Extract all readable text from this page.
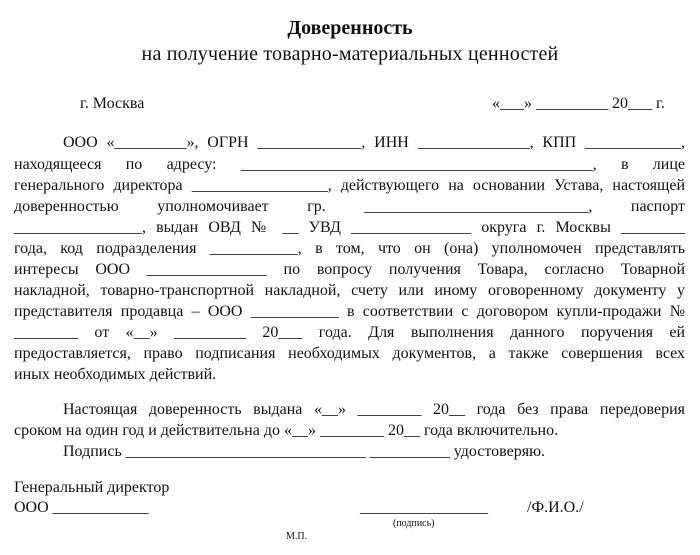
Доверенность
на получение товарно-материальных ценностей
г. Москва	«___» _________ 20___ г.
ООО «_________», ОГРН _____________, ИНН ______________, КПП ____________,
находящееся по адресу: ____________________________________________, в лице
генерального директора _________________, действующего на основании Устава, настоящей
доверенностью уполномочивает гр. ____________________________, паспорт
________________, выдан ОВД № __ УВД _______________ округа г. Москвы ________
года, код подразделения ___________, в том, что он (она) уполномочен представлять
интересы ООО _______________ по вопросу получения Товара, согласно Товарной
накладной, товарно-транспортной накладной, счету или иному оговоренному документу у
представителя продавца – ООО ___________ в соответствии с договором купли-продажи №
________ от «__» _________ 20___ года. Для выполнения данного поручения ей
предоставляется, право подписания необходимых документов, а также совершения всех
иных необходимых действий.
Настоящая доверенность выдана «__» ________ 20__ года без права передоверия
сроком на один год и действительна до «__» ________ 20__ года включительно.
Подпись ______________________________ __________ удостоверяю.
Генеральный директор
ООО ____________	________________ /Ф.И.О./
(подпись)
М.П.
